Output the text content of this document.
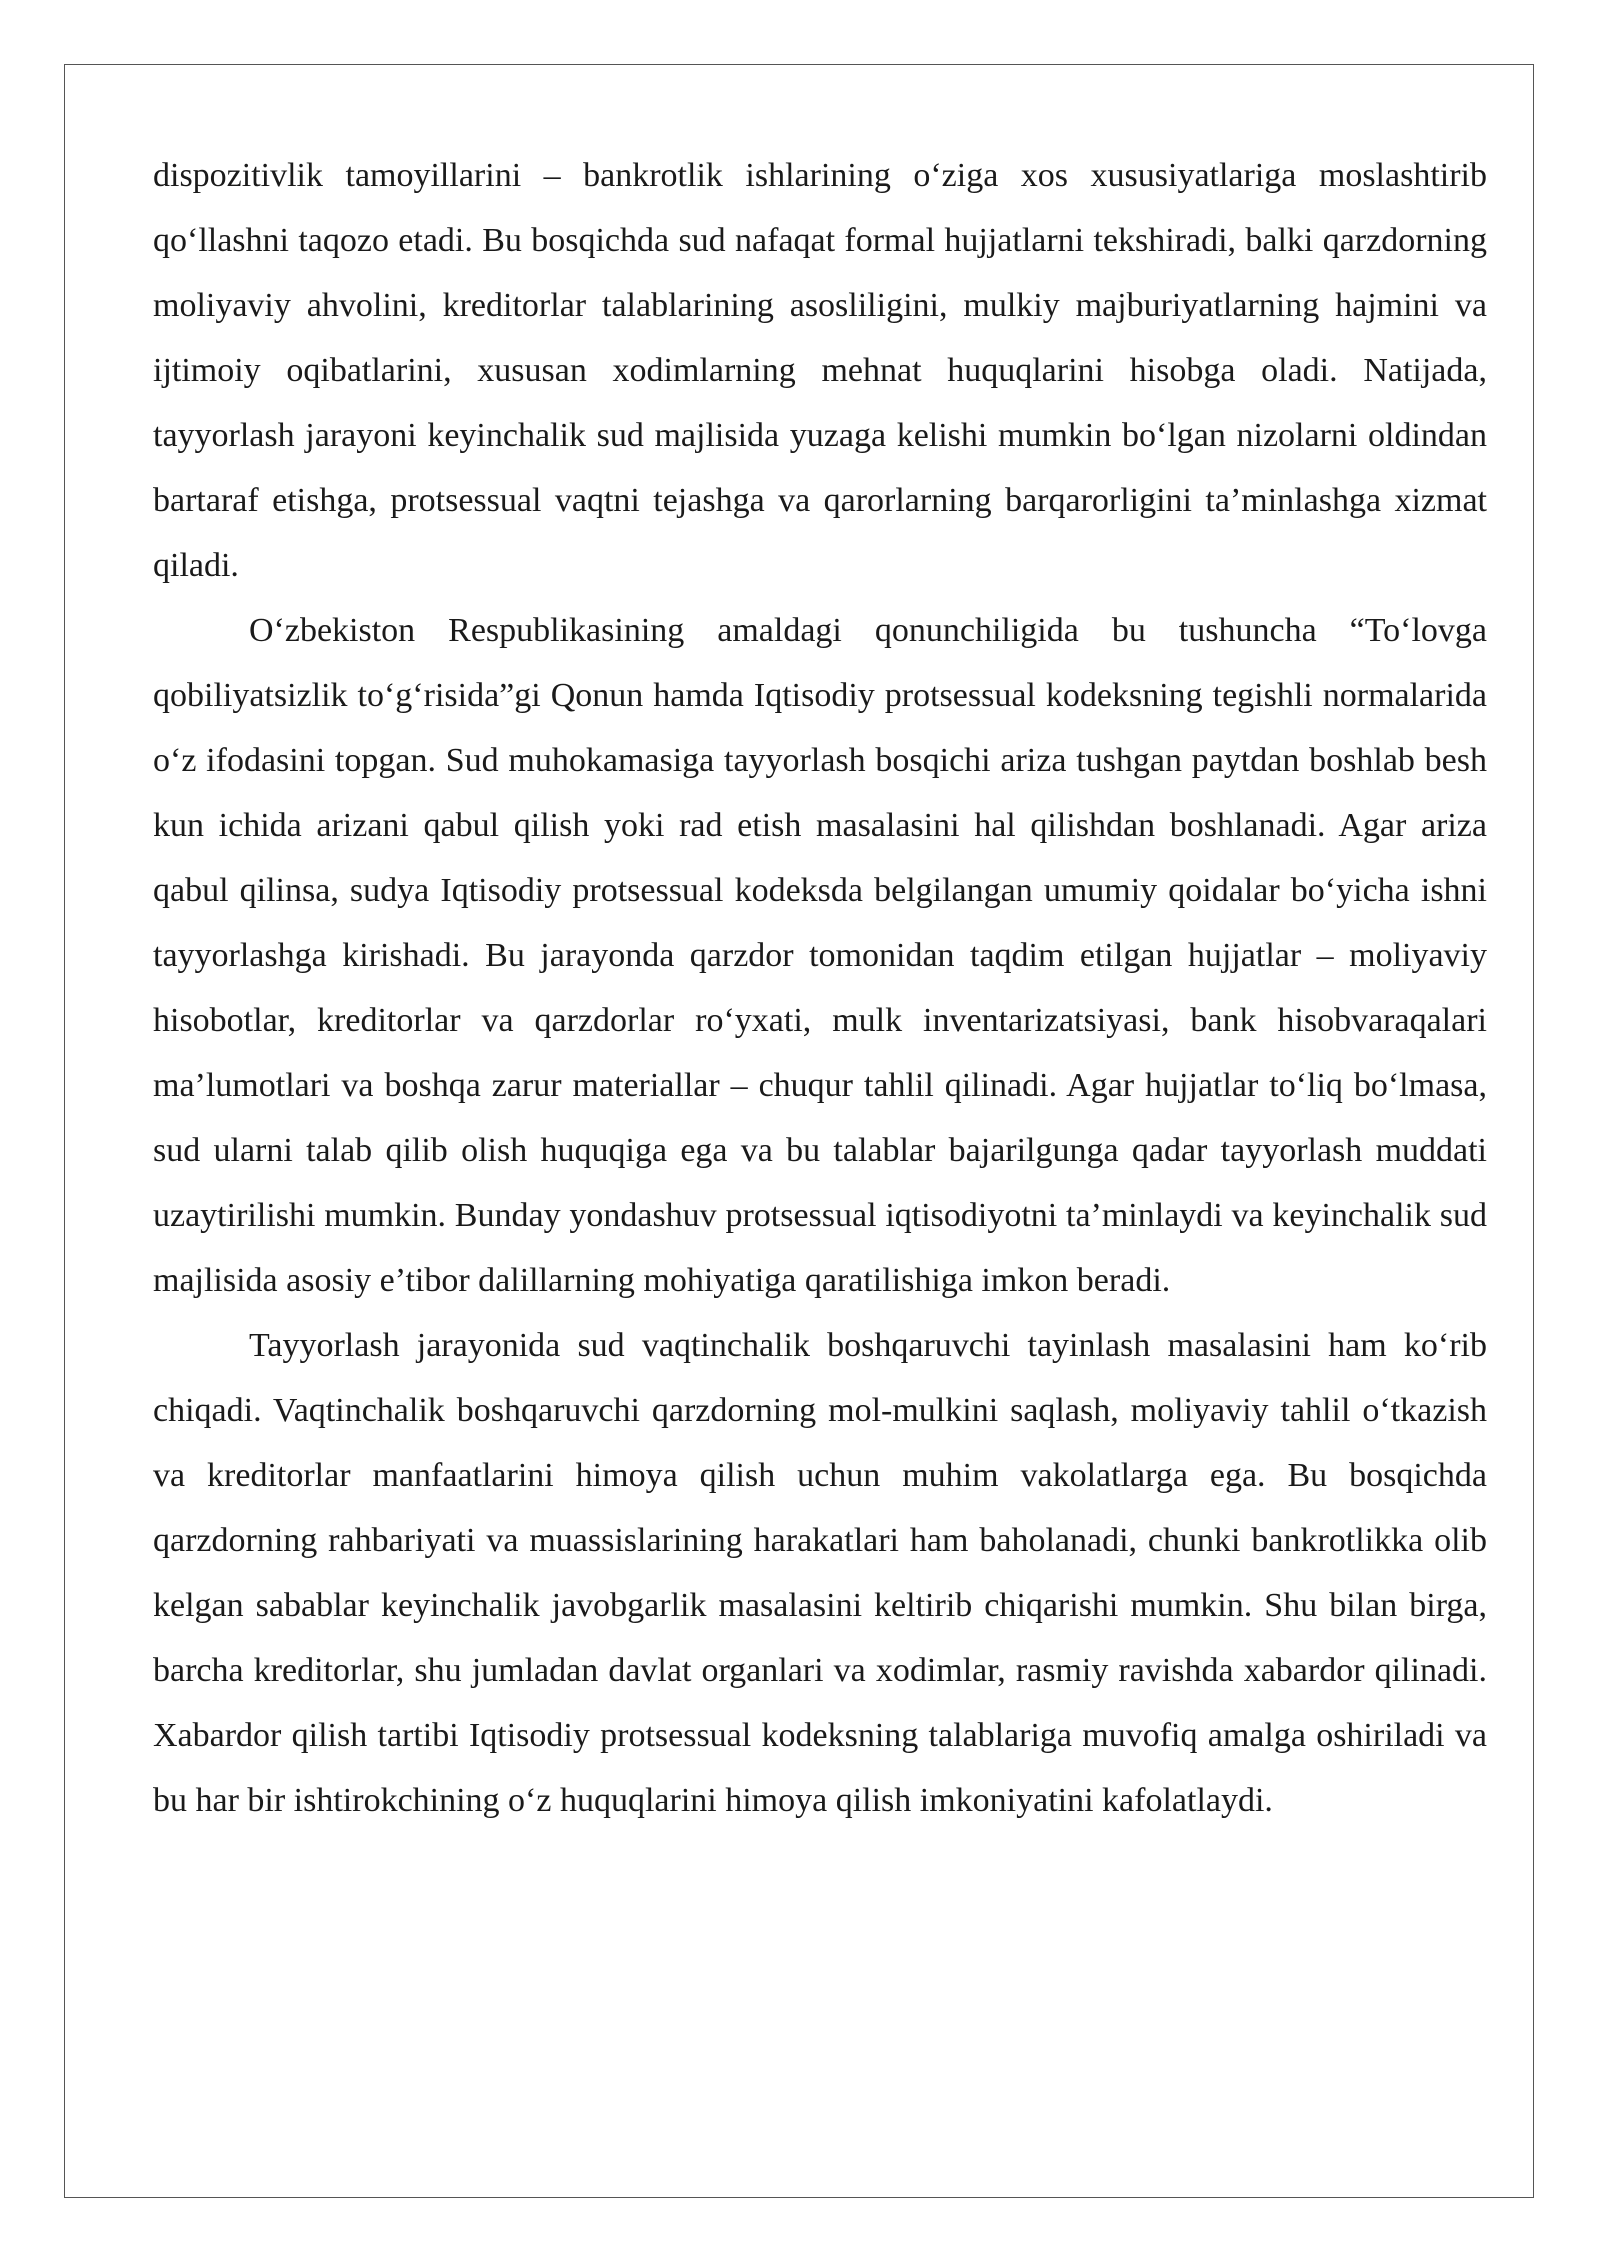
dispozitivlik tamoyillarini – bankrotlik ishlarining o‘ziga xos xususiyatlariga moslashtirib qo‘llashni taqozo etadi. Bu bosqichda sud nafaqat formal hujjatlarni tekshiradi, balki qarzdorning moliyaviy ahvolini, kreditorlar talablarining asosliligini, mulkiy majburiyatlarning hajmini va ijtimoiy oqibatlarini, xususan xodimlarning mehnat huquqlarini hisobga oladi. Natijada, tayyorlash jarayoni keyinchalik sud majlisida yuzaga kelishi mumkin bo‘lgan nizolarni oldindan bartaraf etishga, protsessual vaqtni tejashga va qarorlarning barqarorligini ta’minlashga xizmat qiladi.

O‘zbekiston Respublikasining amaldagi qonunchiligida bu tushuncha “To‘lovga qobiliyatsizlik to‘g‘risida”gi Qonun hamda Iqtisodiy protsessual kodeksning tegishli normalarida o‘z ifodasini topgan. Sud muhokamasiga tayyorlash bosqichi ariza tushgan paytdan boshlab besh kun ichida arizani qabul qilish yoki rad etish masalasini hal qilishdan boshlanadi. Agar ariza qabul qilinsa, sudya Iqtisodiy protsessual kodeksda belgilangan umumiy qoidalar bo‘yicha ishni tayyorlashga kirishadi. Bu jarayonda qarzdor tomonidan taqdim etilgan hujjatlar – moliyaviy hisobotlar, kreditorlar va qarzdorlar ro‘yxati, mulk inventarizatsiyasi, bank hisobvaraqalari ma’lumotlari va boshqa zarur materiallar – chuqur tahlil qilinadi. Agar hujjatlar to‘liq bo‘lmasa, sud ularni talab qilib olish huquqiga ega va bu talablar bajarilgunga qadar tayyorlash muddati uzaytirilishi mumkin. Bunday yondashuv protsessual iqtisodiyotni ta’minlaydi va keyinchalik sud majlisida asosiy e’tibor dalillarning mohiyatiga qaratilishiga imkon beradi.

Tayyorlash jarayonida sud vaqtinchalik boshqaruvchi tayinlash masalasini ham ko‘rib chiqadi. Vaqtinchalik boshqaruvchi qarzdorning mol-mulkini saqlash, moliyaviy tahlil o‘tkazish va kreditorlar manfaatlarini himoya qilish uchun muhim vakolatlarga ega. Bu bosqichda qarzdorning rahbariyati va muassislarining harakatlari ham baholanadi, chunki bankrotlikka olib kelgan sabablar keyinchalik javobgarlik masalasini keltirib chiqarishi mumkin. Shu bilan birga, barcha kreditorlar, shu jumladan davlat organlari va xodimlar, rasmiy ravishda xabardor qilinadi. Xabardor qilish tartibi Iqtisodiy protsessual kodeksning talablariga muvofiq amalga oshiriladi va bu har bir ishtirokchining o‘z huquqlarini himoya qilish imkoniyatini kafolatlaydi.
